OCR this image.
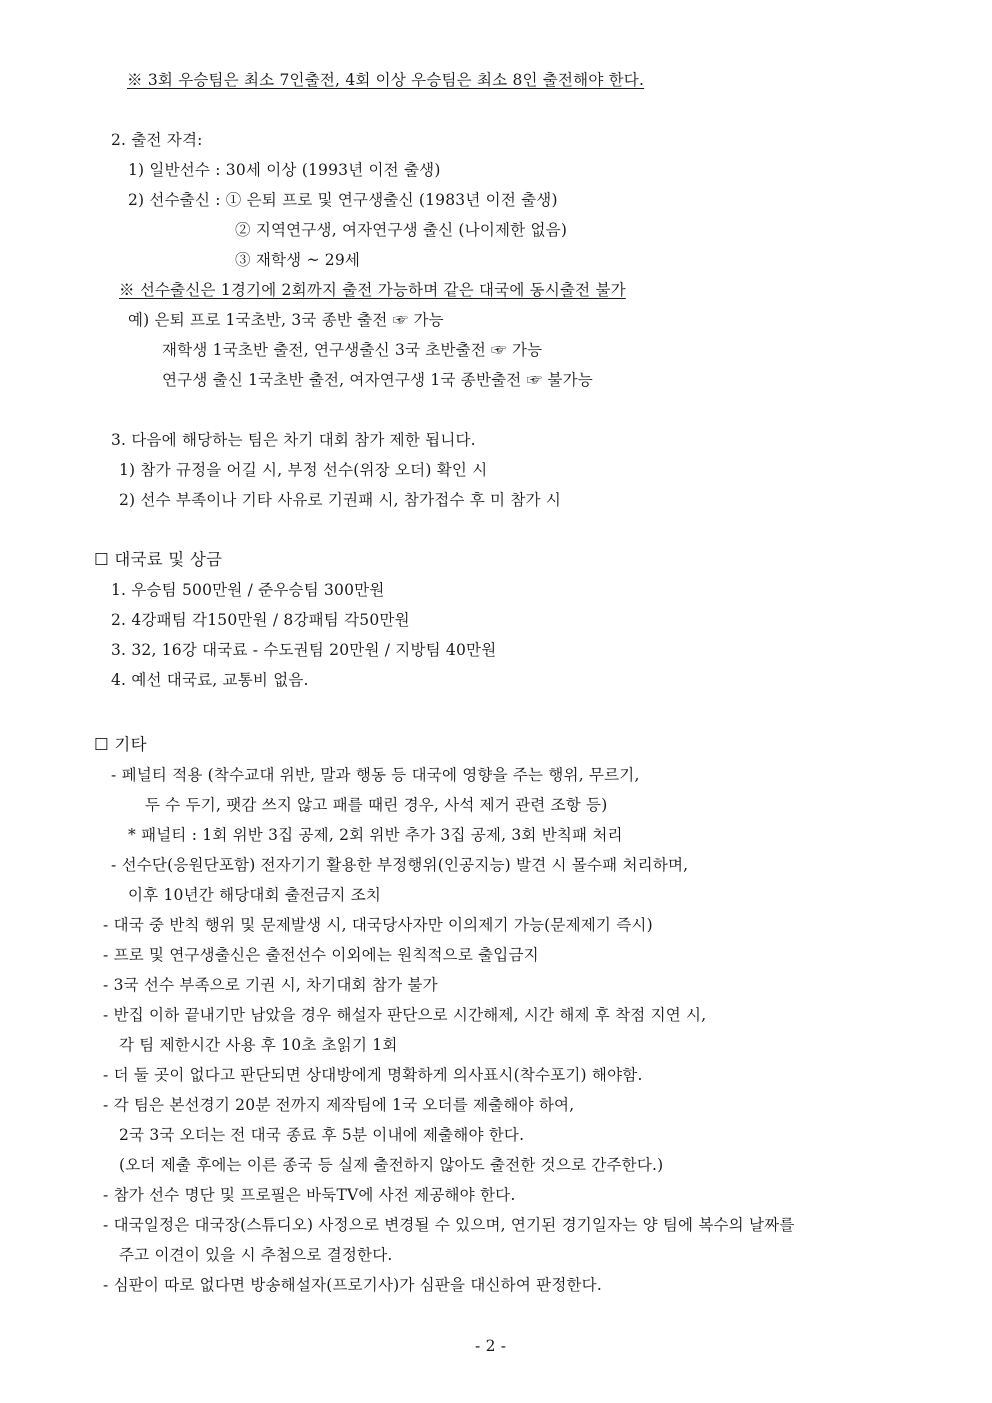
※ 3회 우승팀은 최소 7인출전, 4회 이상 우승팀은 최소 8인 출전해야 한다.
2. 출전 자격:
1) 일반선수 : 30세 이상 (1993년 이전 출생)
2) 선수출신 : ① 은퇴 프로 및 연구생출신 (1983년 이전 출생)
② 지역연구생, 여자연구생 출신 (나이제한 없음)
③ 재학생 ~ 29세
※ 선수출신은 1경기에 2회까지 출전 가능하며 같은 대국에 동시출전 불가
예) 은퇴 프로 1국초반, 3국 종반 출전 ☞ 가능
재학생 1국초반 출전, 연구생출신 3국 초반출전 ☞ 가능
연구생 출신 1국초반 출전, 여자연구생 1국 종반출전 ☞ 불가능
3. 다음에 해당하는 팀은 차기 대회 참가 제한 됩니다.
1) 참가 규정을 어길 시, 부정 선수(위장 오더) 확인 시
2) 선수 부족이나 기타 사유로 기권패 시, 참가접수 후 미 참가 시
☐ 대국료 및 상금
1. 우승팀 500만원 / 준우승팀 300만원
2. 4강패팀 각150만원 / 8강패팀 각50만원
3. 32, 16강 대국료 - 수도권팀 20만원 / 지방팀 40만원
4. 예선 대국료, 교통비 없음.
☐ 기타
- 페널티 적용 (착수교대 위반, 말과 행동 등 대국에 영향을 주는 행위, 무르기,
두 수 두기, 팻감 쓰지 않고 패를 때린 경우, 사석 제거 관련 조항 등)
* 패널티 : 1회 위반 3집 공제, 2회 위반 추가 3집 공제, 3회 반칙패 처리
- 선수단(응원단포함) 전자기기 활용한 부정행위(인공지능) 발견 시 몰수패 처리하며,
이후 10년간 해당대회 출전금지 조치
- 대국 중 반칙 행위 및 문제발생 시, 대국당사자만 이의제기 가능(문제제기 즉시)
- 프로 및 연구생출신은 출전선수 이외에는 원칙적으로 출입금지
- 3국 선수 부족으로 기권 시, 차기대회 참가 불가
- 반집 이하 끝내기만 남았을 경우 해설자 판단으로 시간해제, 시간 해제 후 착점 지연 시,
각 팀 제한시간 사용 후 10초 초읽기 1회
- 더 둘 곳이 없다고 판단되면 상대방에게 명확하게 의사표시(착수포기) 해야함.
- 각 팀은 본선경기 20분 전까지 제작팀에 1국 오더를 제출해야 하여,
2국 3국 오더는 전 대국 종료 후 5분 이내에 제출해야 한다.
(오더 제출 후에는 이른 종국 등 실제 출전하지 않아도 출전한 것으로 간주한다.)
- 참가 선수 명단 및 프로필은 바둑TV에 사전 제공해야 한다.
- 대국일정은 대국장(스튜디오) 사정으로 변경될 수 있으며, 연기된 경기일자는 양 팀에 복수의 날짜를
주고 이견이 있을 시 추첨으로 결정한다.
- 심판이 따로 없다면 방송해설자(프로기사)가 심판을 대신하여 판정한다.
- 2 -
